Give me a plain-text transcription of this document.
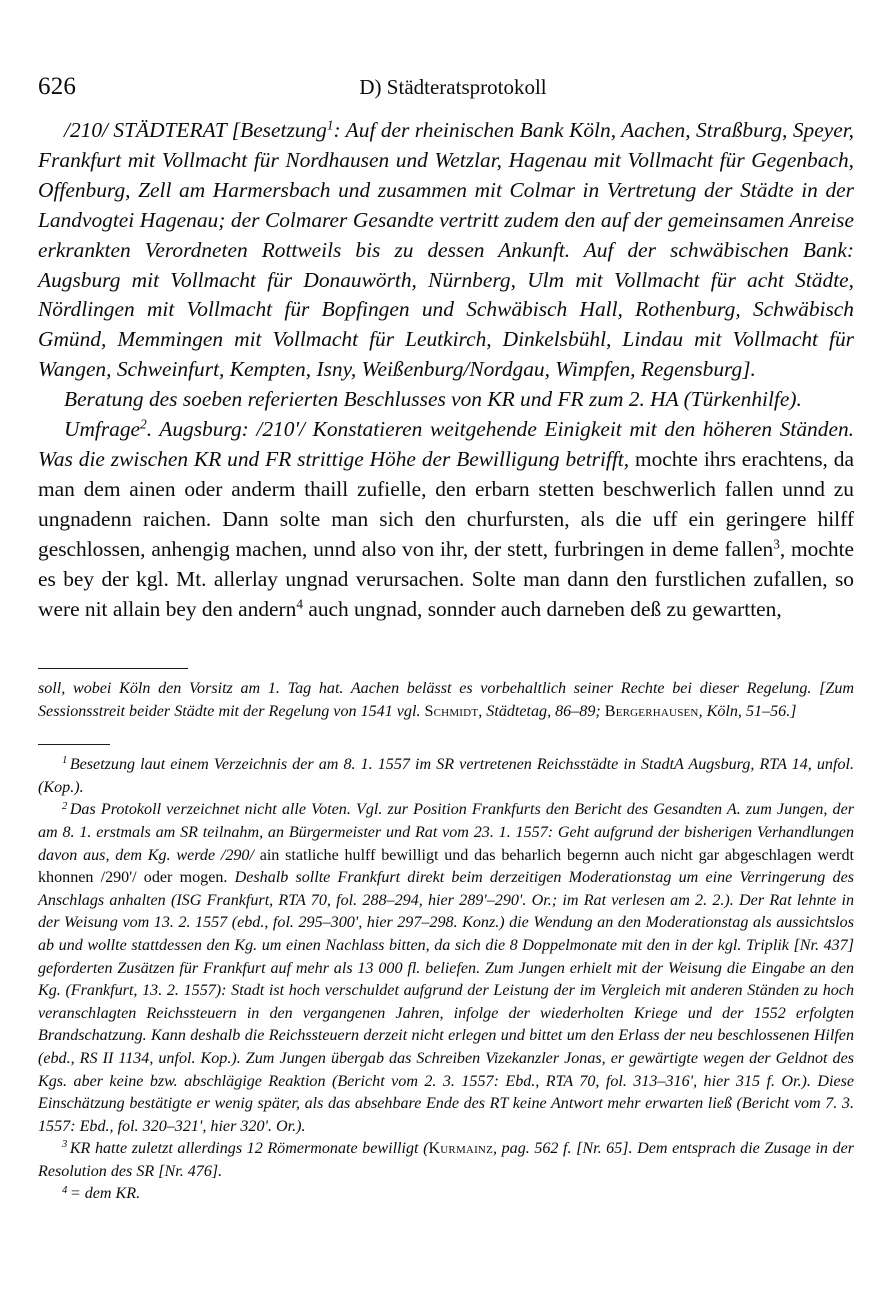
626	D) Städteratsprotokoll

/210/ STÄDTERAT [Besetzung$^1$: Auf der rheinischen Bank Köln, Aachen, Straßburg, Speyer, Frankfurt mit Vollmacht für Nordhausen und Wetzlar, Hagenau mit Vollmacht für Gegenbach, Offenburg, Zell am Harmersbach und zusammen mit Colmar in Vertretung der Städte in der Landvogtei Hagenau; der Colmarer Gesandte vertritt zudem den auf der gemeinsamen Anreise erkrankten Verordneten Rottweils bis zu dessen Ankunft. Auf der schwäbischen Bank: Augsburg mit Vollmacht für Donauwörth, Nürnberg, Ulm mit Vollmacht für acht Städte, Nördlingen mit Vollmacht für Bopfingen und Schwäbisch Hall, Rothenburg, Schwäbisch Gmünd, Memmingen mit Vollmacht für Leutkirch, Dinkelsbühl, Lindau mit Vollmacht für Wangen, Schweinfurt, Kempten, Isny, Weißenburg/Nordgau, Wimpfen, Regensburg].

Beratung des soeben referierten Beschlusses von KR und FR zum 2. HA (Türkenhilfe).

Umfrage$^2$. Augsburg: /210'/ Konstatieren weitgehende Einigkeit mit den höheren Ständen. Was die zwischen KR und FR strittige Höhe der Bewilligung betrifft, mochte ihrs erachtens, da man dem ainen oder anderm thaill zufielle, den erbarn stetten beschwerlich fallen unnd zu ungnadenn raichen. Dann solte man sich den churfursten, als die uff ein geringere hilff geschlossen, anhengig machen, unnd also von ihr, der stett, furbringen in deme fallen$^3$, mochte es bey der kgl. Mt. allerlay ungnad verursachen. Solte man dann den furstlichen zufallen, so were nit allain bey den andern$^4$ auch ungnad, sonnder auch darneben deß zu gewartten,

soll, wobei Köln den Vorsitz am 1. Tag hat. Aachen belässt es vorbehaltlich seiner Rechte bei dieser Regelung. [Zum Sessionsstreit beider Städte mit der Regelung von 1541 vgl. Schmidt, Städtetag, 86–89; Bergerhausen, Köln, 51–56.]

$^1$ Besetzung laut einem Verzeichnis der am 8. 1. 1557 im SR vertretenen Reichsstädte in StadtA Augsburg, RTA 14, unfol. (Kop.).

$^2$ Das Protokoll verzeichnet nicht alle Voten. Vgl. zur Position Frankfurts den Bericht des Gesandten A. zum Jungen, der am 8. 1. erstmals am SR teilnahm, an Bürgermeister und Rat vom 23. 1. 1557: Geht aufgrund der bisherigen Verhandlungen davon aus, dem Kg. werde /290/ ain statliche hulff bewilligt und das beharlich begernn auch nicht gar abgeschlagen werdt khonnen /290'/ oder mogen. Deshalb sollte Frankfurt direkt beim derzeitigen Moderationstag um eine Verringerung des Anschlags anhalten (ISG Frankfurt, RTA 70, fol. 288–294, hier 289'–290'. Or.; im Rat verlesen am 2. 2.). Der Rat lehnte in der Weisung vom 13. 2. 1557 (ebd., fol. 295–300', hier 297–298. Konz.) die Wendung an den Moderationstag als aussichtslos ab und wollte stattdessen den Kg. um einen Nachlass bitten, da sich die 8 Doppelmonate mit den in der kgl. Triplik [Nr. 437] geforderten Zusätzen für Frankfurt auf mehr als 13 000 fl. beliefen. Zum Jungen erhielt mit der Weisung die Eingabe an den Kg. (Frankfurt, 13. 2. 1557): Stadt ist hoch verschuldet aufgrund der Leistung der im Vergleich mit anderen Ständen zu hoch veranschlagten Reichssteuern in den vergangenen Jahren, infolge der wiederholten Kriege und der 1552 erfolgten Brandschatzung. Kann deshalb die Reichssteuern derzeit nicht erlegen und bittet um den Erlass der neu beschlossenen Hilfen (ebd., RS II 1134, unfol. Kop.). Zum Jungen übergab das Schreiben Vizekanzler Jonas, er gewärtigte wegen der Geldnot des Kgs. aber keine bzw. abschlägige Reaktion (Bericht vom 2. 3. 1557: Ebd., RTA 70, fol. 313–316', hier 315 f. Or.). Diese Einschätzung bestätigte er wenig später, als das absehbare Ende des RT keine Antwort mehr erwarten ließ (Bericht vom 7. 3. 1557: Ebd., fol. 320–321', hier 320'. Or.).

$^3$ KR hatte zuletzt allerdings 12 Römermonate bewilligt (Kurmainz, pag. 562 f. [Nr. 65]. Dem entsprach die Zusage in der Resolution des SR [Nr. 476].

$^4$ = dem KR.
